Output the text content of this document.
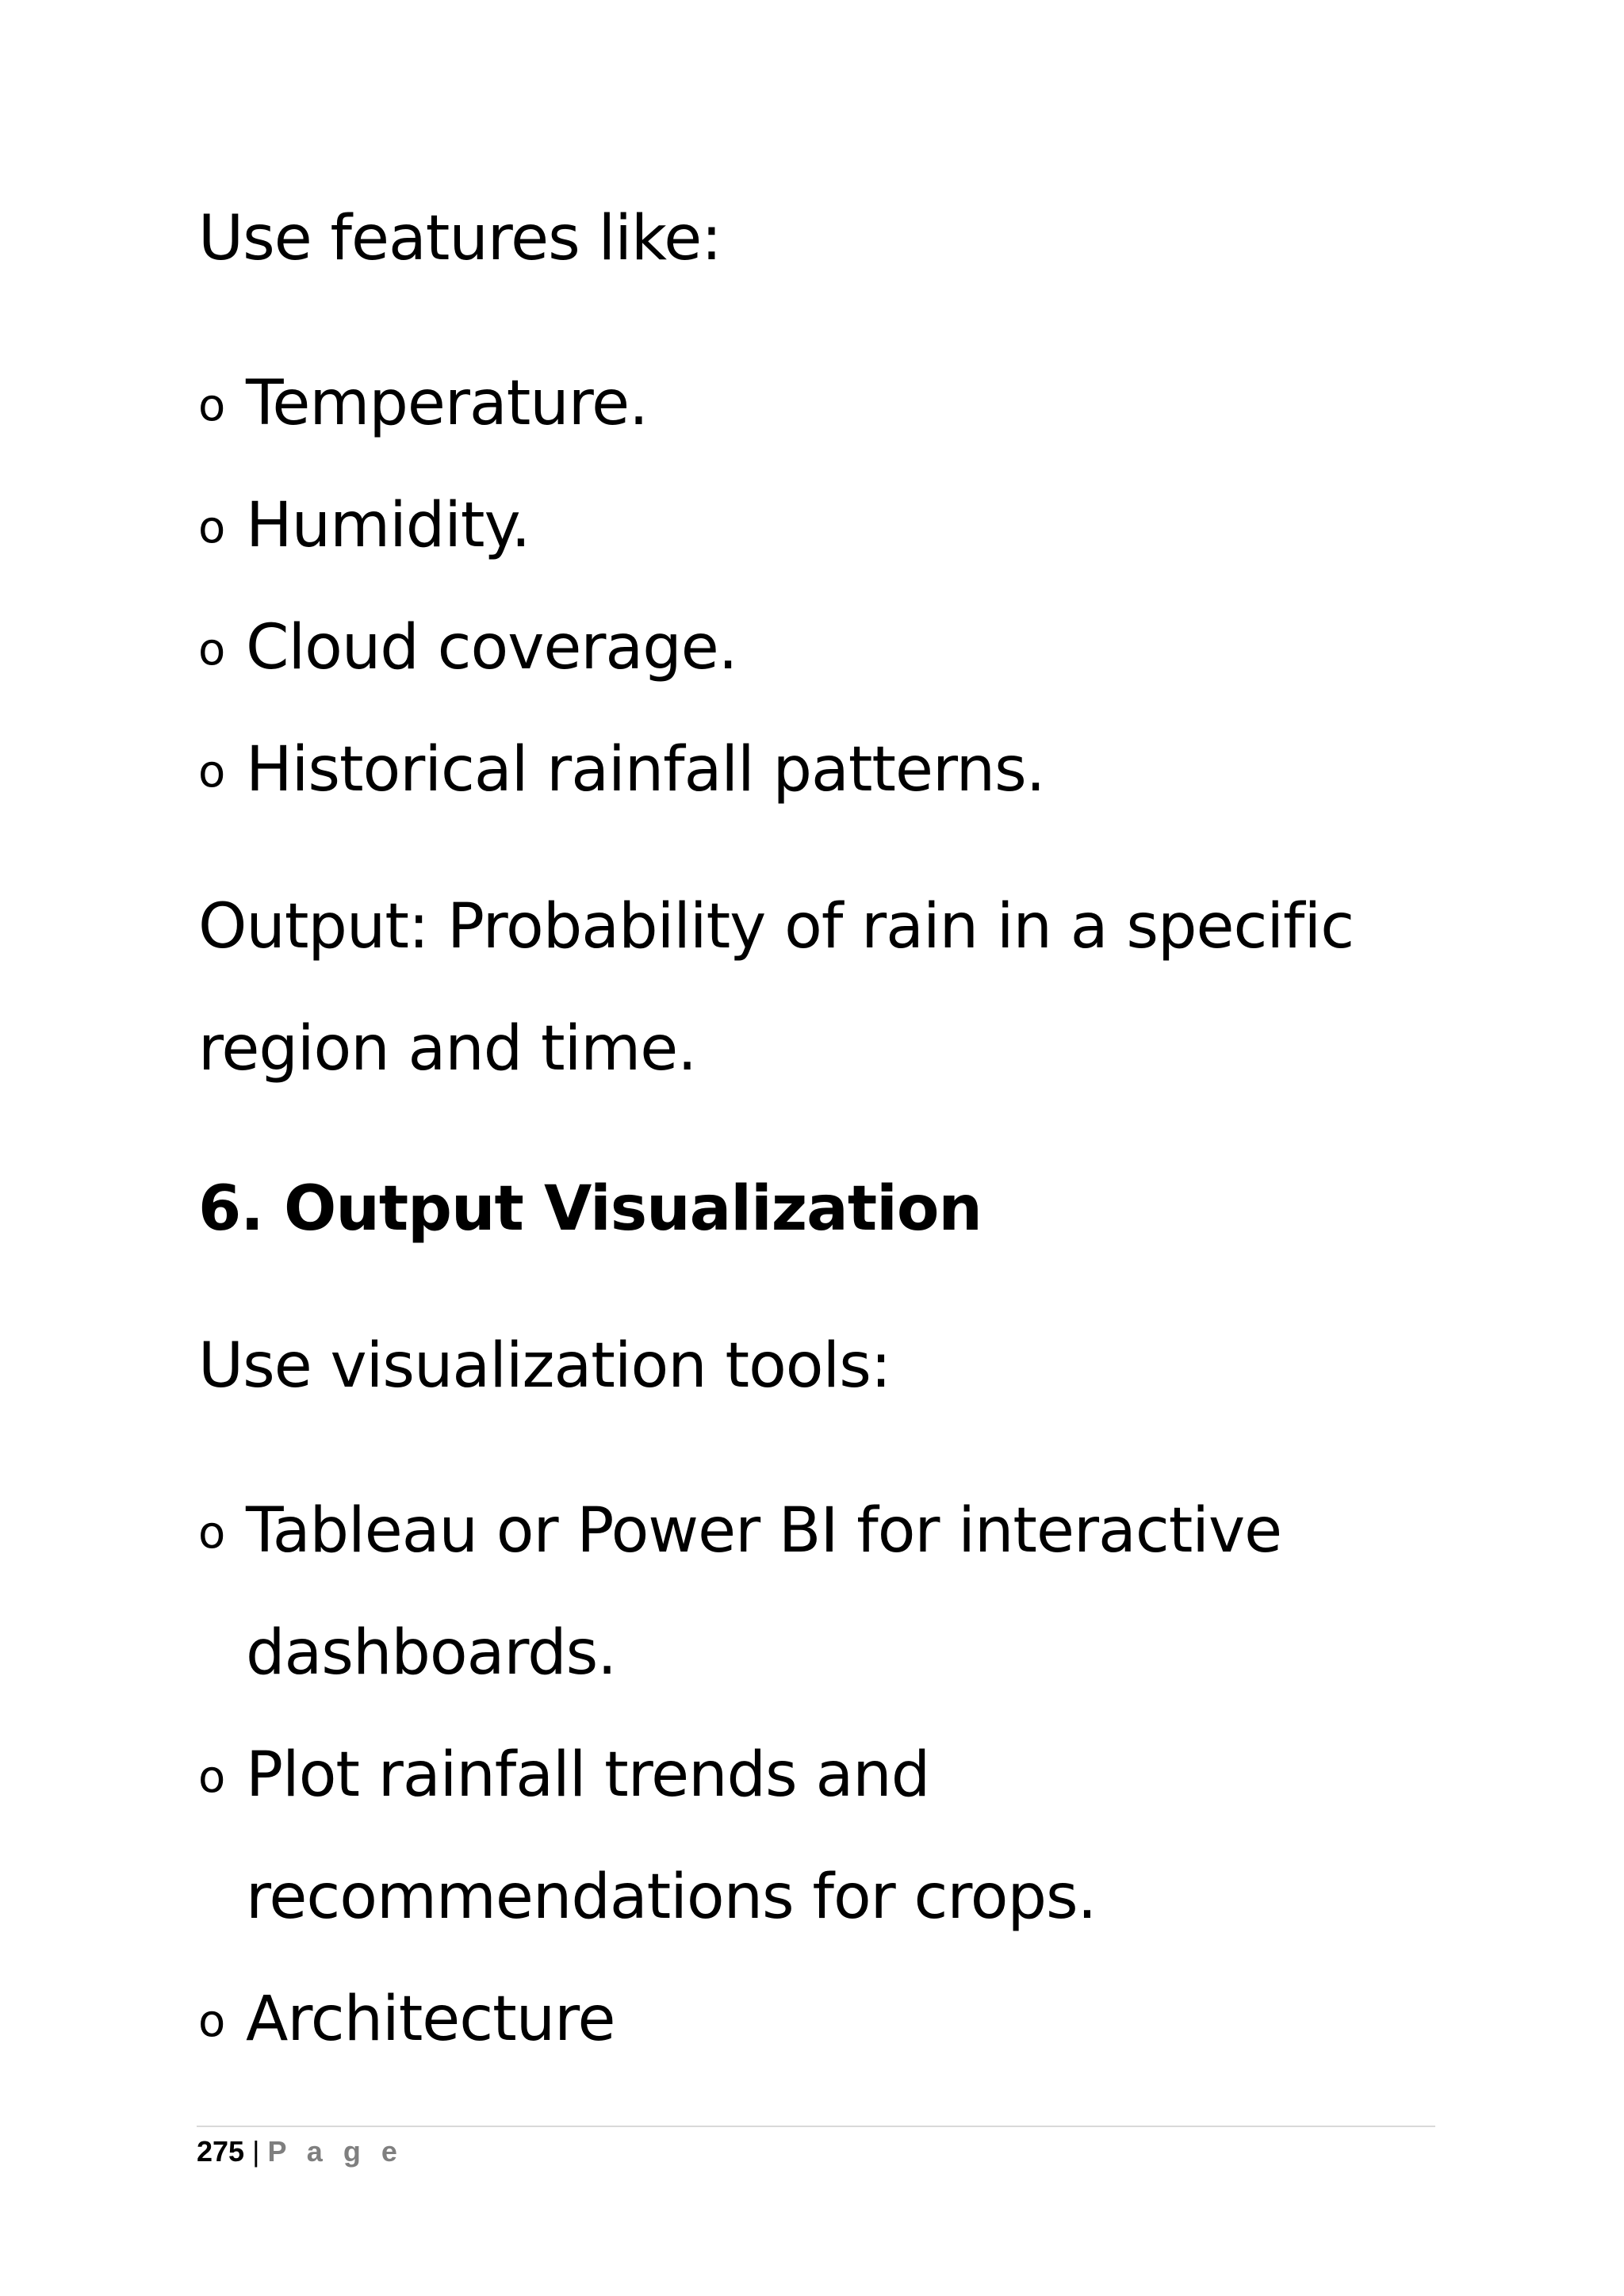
Use features like:
o Temperature.
o Humidity.
o Cloud coverage.
o Historical rainfall patterns.
Output: Probability of rain in a specific
region and time.
6. Output Visualization
Use visualization tools:
o Tableau or Power BI for interactive
dashboards.
o Plot rainfall trends and
recommendations for crops.
o Architecture
275 | P a g e
